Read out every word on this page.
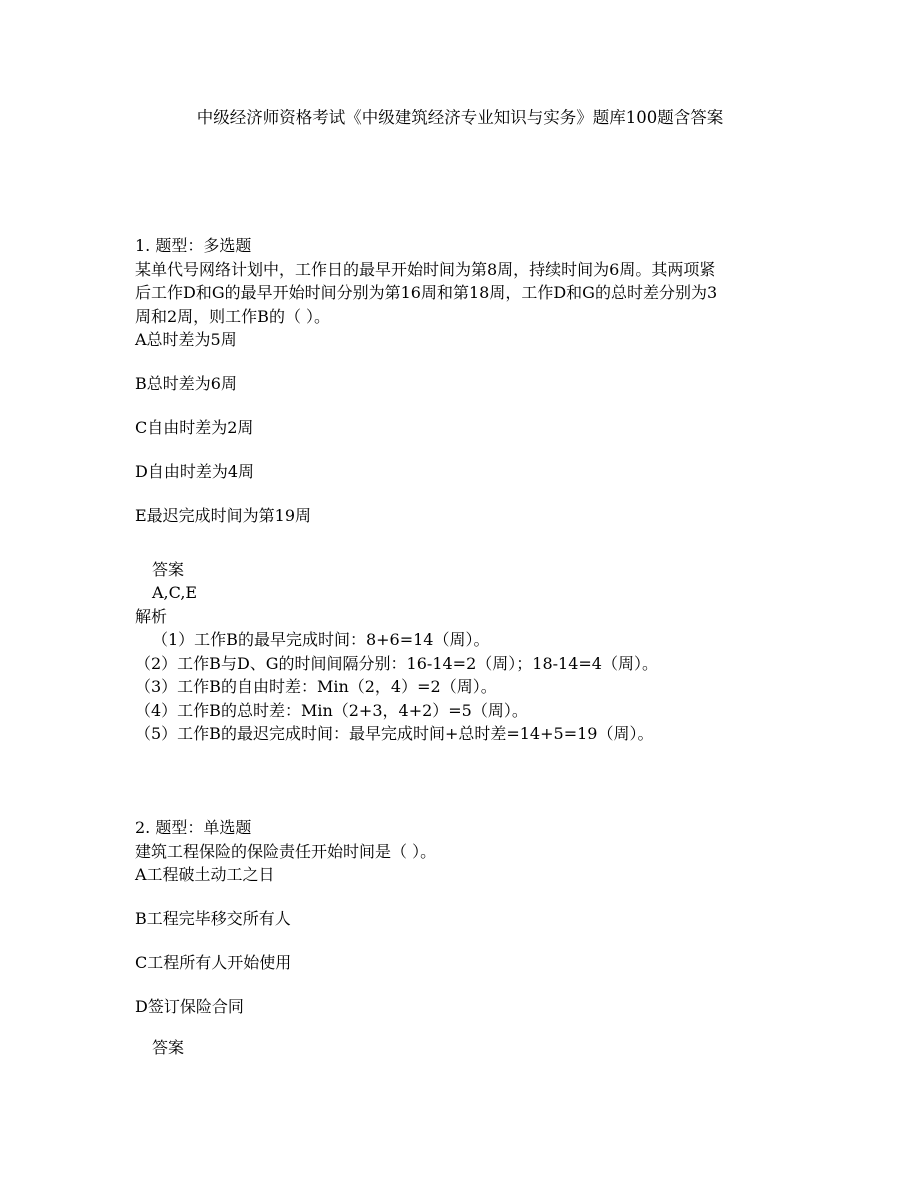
中级经济师资格考试《中级建筑经济专业知识与实务》题库100题含答案
1. 题型：多选题
某单代号网络计划中，工作日的最早开始时间为第8周，持续时间为6周。其两项紧
后工作D和G的最早开始时间分别为第16周和第18周，工作D和G的总时差分别为3
周和2周，则工作B的（ ）。
A总时差为5周
B总时差为6周
C自由时差为2周
D自由时差为4周
E最迟完成时间为第19周
答案
A,C,E
解析
（1）工作B的最早完成时间：8+6=14（周）。
（2）工作B与D、G的时间间隔分别：16-14=2（周）；18-14=4（周）。
（3）工作B的自由时差：Min（2，4）=2（周）。
（4）工作B的总时差：Min（2+3，4+2）=5（周）。
（5）工作B的最迟完成时间：最早完成时间+总时差=14+5=19（周）。
2. 题型：单选题
建筑工程保险的保险责任开始时间是（ ）。
A工程破土动工之日
B工程完毕移交所有人
C工程所有人开始使用
D签订保险合同
答案
